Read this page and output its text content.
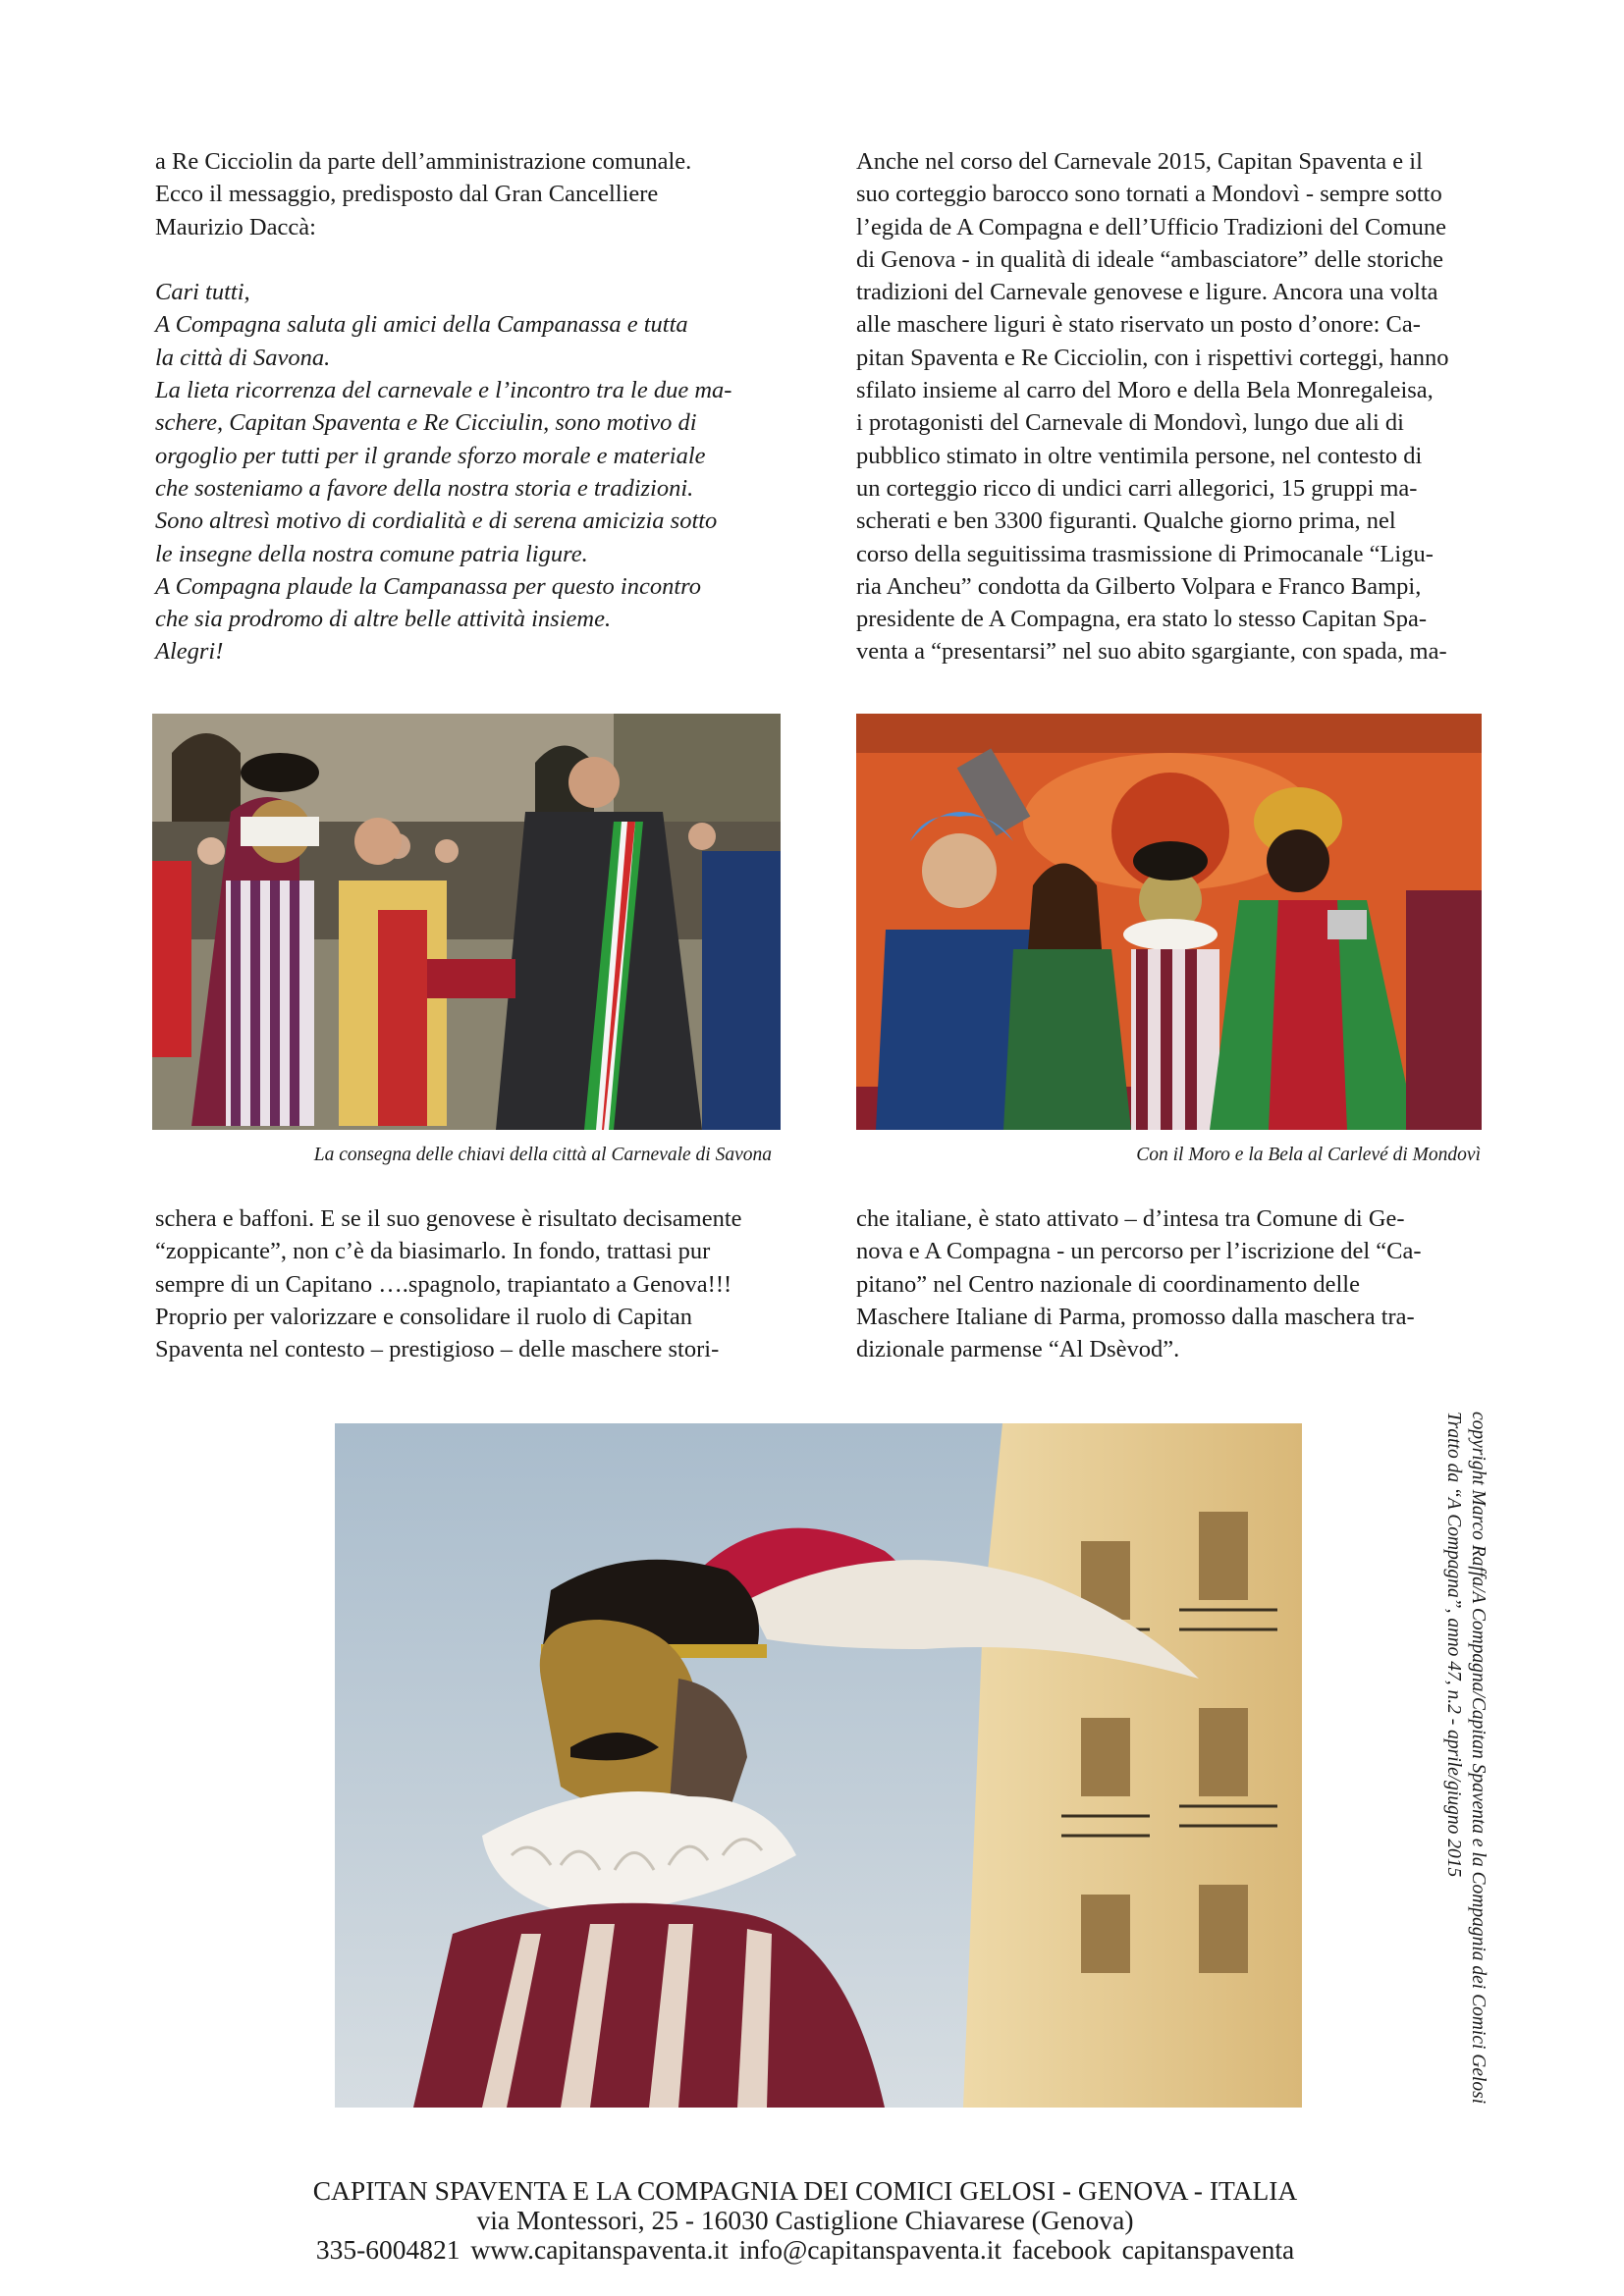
a Re Cicciolin da parte dell’amministrazione comunale.

Ecco il messaggio, predisposto dal Gran Cancelliere

Maurizio Daccà:

Cari tutti,

A Compagna saluta gli amici della Campanassa e tutta

la città di Savona.

La lieta ricorrenza del carnevale e l’incontro tra le due ma-

schere, Capitan Spaventa e Re Cicciulin, sono motivo di

orgoglio per tutti per il grande sforzo morale e materiale

che sosteniamo a favore della nostra storia e tradizioni.

Sono altresì motivo di cordialità e di serena amicizia sotto

le insegne della nostra comune patria ligure.

A Compagna plaude la Campanassa per questo incontro

che sia prodromo di altre belle attività insieme.

Alegri!

Anche nel corso del Carnevale 2015, Capitan Spaventa e il

suo corteggio barocco sono tornati a Mondovì - sempre sotto

l’egida de A Compagna e dell’Ufficio Tradizioni del Comune

di Genova - in qualità di ideale “ambasciatore” delle storiche

tradizioni del Carnevale genovese e ligure. Ancora una volta

alle maschere liguri è stato riservato un posto d’onore: Ca-

pitan Spaventa e Re Cicciolin, con i rispettivi corteggi, hanno

sfilato insieme al carro del Moro e della Bela Monregaleisa,

i protagonisti del Carnevale di Mondovì, lungo due ali di

pubblico stimato in oltre ventimila persone, nel contesto di

un corteggio ricco di undici carri allegorici, 15 gruppi ma-

scherati e ben 3300 figuranti. Qualche giorno prima, nel

corso della seguitissima trasmissione di Primocanale “Ligu-

ria Ancheu” condotta da Gilberto Volpara e Franco Bampi,

presidente de A Compagna, era stato lo stesso Capitan Spa-

venta a “presentarsi” nel suo abito sgargiante, con spada, ma-

La consegna delle chiavi della città al Carnevale di Savona	Con il Moro e la Bela al Carlevé di Mondovì

schera e baffoni. E se il suo genovese è risultato decisamente

“zoppicante”, non c’è da biasimarlo. In fondo, trattasi pur

sempre di un Capitano ….spagnolo, trapiantato a Genova!!!

Proprio per valorizzare e consolidare il ruolo di Capitan

Spaventa nel contesto – prestigioso – delle maschere stori-

che italiane, è stato attivato – d’intesa tra Comune di Ge-

nova e A Compagna - un percorso per l’iscrizione del “Ca-

pitano” nel Centro nazionale di coordinamento delle

Maschere Italiane di Parma, promosso dalla maschera tra-

dizionale parmense “Al Dsèvod”.

copyright Marco Raffa/A Compagna/Capitan Spaventa e la Compagnia dei Comici Gelosi
Tratto da “A Compagna”, anno 47, n.2 - aprile/giugno 2015
CAPITAN SPAVENTA E LA COMPAGNIA DEI COMICI GELOSI - GENOVA - ITALIA
via Montessori, 25 - 16030 Castiglione Chiavarese (Genova)
335-6004821 www.capitanspaventa.it info@capitanspaventa.it facebook capitanspaventa
